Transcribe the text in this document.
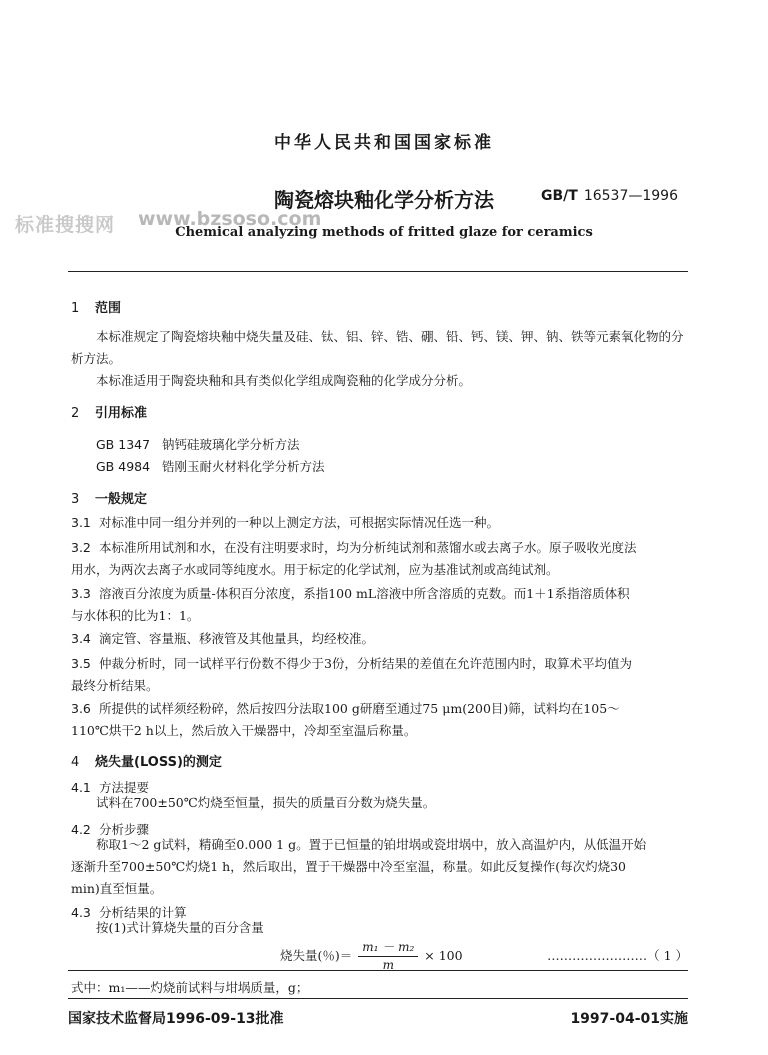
中华人民共和国国家标准
陶瓷熔块釉化学分析方法	GB/T 16537—1996
标准搜搜网 www.bzsoso.com
Chemical analyzing methods of fritted glaze for ceramics
1 范围
本标准规定了陶瓷熔块釉中烧失量及硅、钛、铝、锌、锆、硼、铅、钙、镁、钾、钠、铁等元素氧化物的分
析方法。
本标准适用于陶瓷块釉和具有类似化学组成陶瓷釉的化学成分分析。
2 引用标准
GB 1347 钠钙硅玻璃化学分析方法
GB 4984 锆刚玉耐火材料化学分析方法
3 一般规定
3.1 对标准中同一组分并列的一种以上测定方法，可根据实际情况任选一种。
3.2 本标准所用试剂和水，在没有注明要求时，均为分析纯试剂和蒸馏水或去离子水。原子吸收光度法
用水，为两次去离子水或同等纯度水。用于标定的化学试剂，应为基准试剂或高纯试剂。
3.3 溶液百分浓度为质量-体积百分浓度，系指100 mL溶液中所含溶质的克数。而1＋1系指溶质体积
与水体积的比为1：1。
3.4 滴定管、容量瓶、移液管及其他量具，均经校准。
3.5 仲裁分析时，同一试样平行份数不得少于3份，分析结果的差值在允许范围内时，取算术平均值为
最终分析结果。
3.6 所提供的试样须经粉碎，然后按四分法取100 g研磨至通过75 μm(200目)筛，试料均在105～
110℃烘干2 h以上，然后放入干燥器中，冷却至室温后称量。
4 烧失量(LOSS)的测定
4.1 方法提要
试料在700±50℃灼烧至恒量，损失的质量百分数为烧失量。
4.2 分析步骤
称取1～2 g试料，精确至0.000 1 g。置于已恒量的铂坩埚或瓷坩埚中，放入高温炉内，从低温开始
逐渐升至700±50℃灼烧1 h，然后取出，置于干燥器中冷至室温，称量。如此反复操作(每次灼烧30
min)直至恒量。
4.3 分析结果的计算
按(1)式计算烧失量的百分含量
烧失量(％)＝ $\frac{\text{m₁ － m₂}}{m} \times 100$	……………………（ 1 ）
式中：m₁——灼烧前试料与坩埚质量，g；
国家技术监督局1996-09-13批准	1997-04-01实施
